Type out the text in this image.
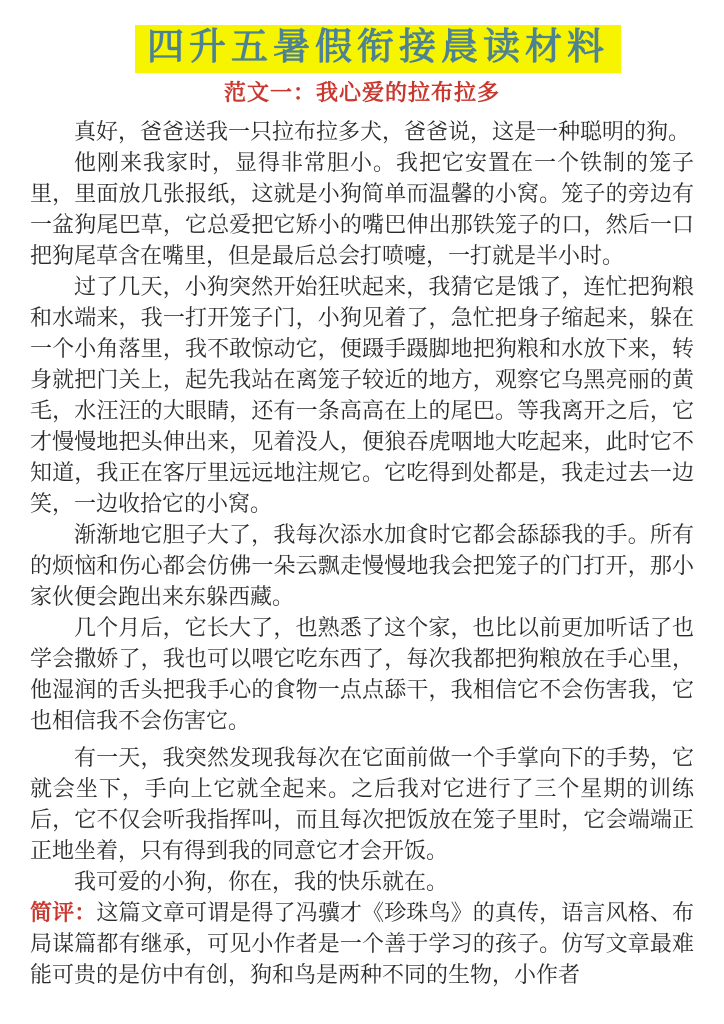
四升五暑假衔接晨读材料
范文一：我心爱的拉布拉多

真好，爸爸送我一只拉布拉多犬，爸爸说，这是一种聪明的狗。

他刚来我家时，显得非常胆小。我把它安置在一个铁制的笼子里，里面放几张报纸，这就是小狗简单而温馨的小窝。笼子的旁边有一盆狗尾巴草，它总爱把它矫小的嘴巴伸出那铁笼子的口，然后一口把狗尾草含在嘴里，但是最后总会打喷嚏，一打就是半小时。

过了几天，小狗突然开始狂吠起来，我猜它是饿了，连忙把狗粮和水端来，我一打开笼子门，小狗见着了，急忙把身子缩起来，躲在一个小角落里，我不敢惊动它，便蹑手蹑脚地把狗粮和水放下来，转身就把门关上，起先我站在离笼子较近的地方，观察它乌黑亮丽的黄毛，水汪汪的大眼睛，还有一条高高在上的尾巴。等我离开之后，它才慢慢地把头伸出来，见着没人，便狼吞虎咽地大吃起来，此时它不知道，我正在客厅里远远地注规它。它吃得到处都是，我走过去一边笑，一边收拾它的小窝。

渐渐地它胆子大了，我每次添水加食时它都会舔舔我的手。所有的烦恼和伤心都会仿佛一朵云飘走慢慢地我会把笼子的门打开，那小家伙便会跑出来东躲西藏。

几个月后，它长大了，也熟悉了这个家，也比以前更加听话了也学会撒娇了，我也可以喂它吃东西了，每次我都把狗粮放在手心里，他湿润的舌头把我手心的食物一点点舔干，我相信它不会伤害我，它也相信我不会伤害它。

有一天，我突然发现我每次在它面前做一个手掌向下的手势，它就会坐下，手向上它就全起来。之后我对它进行了三个星期的训练后，它不仅会听我指挥叫，而且每次把饭放在笼子里时，它会端端正正地坐着，只有得到我的同意它才会开饭。

我可爱的小狗，你在，我的快乐就在。

简评：这篇文章可谓是得了冯骥才《珍珠鸟》的真传，语言风格、布局谋篇都有继承，可见小作者是一个善于学习的孩子。仿写文章最难能可贵的是仿中有创，狗和鸟是两种不同的生物，小作者
